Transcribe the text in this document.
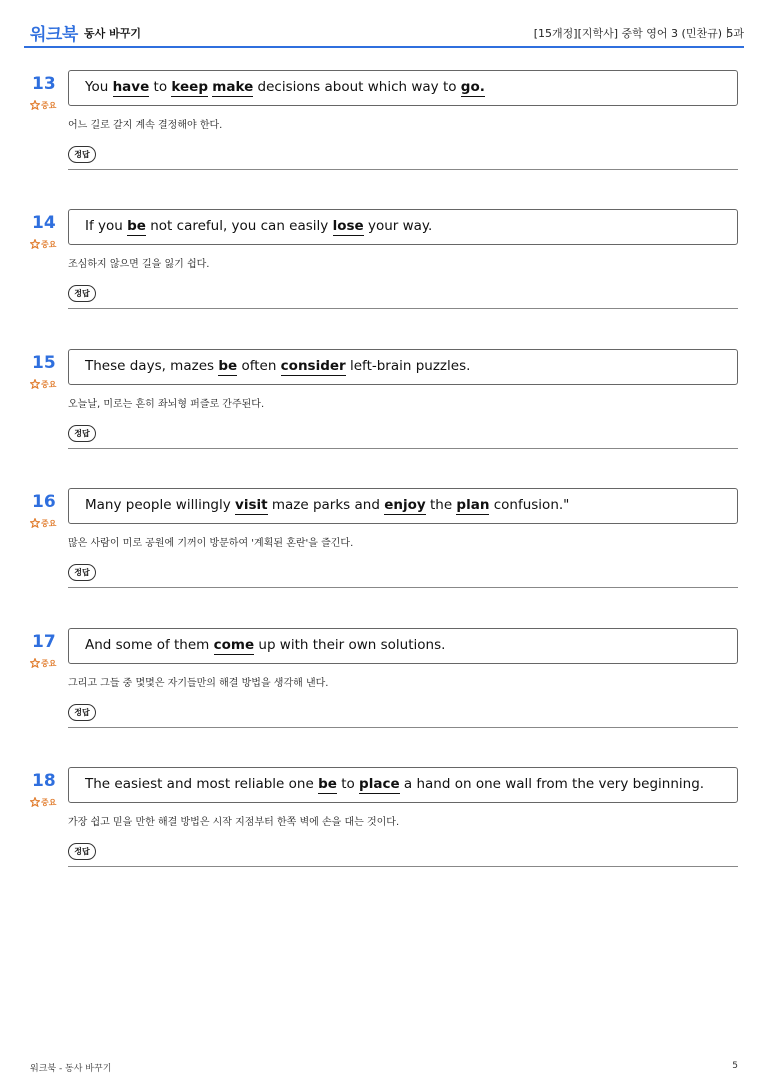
워크북 동사 바꾸기	[15개정][지학사] 중학 영어 3 (민찬규) 5과
13
중요
You have to keep make decisions about which way to go.
어느 길로 갈지 계속 결정해야 한다.
정답
14
중요
If you be not careful, you can easily lose your way.
조심하지 않으면 길을 잃기 쉽다.
정답
15
중요
These days, mazes be often consider left-brain puzzles.
오늘날, 미로는 흔히 좌뇌형 퍼즐로 간주된다.
정답
16
중요
Many people willingly visit maze parks and enjoy the plan confusion."
많은 사람이 미로 공원에 기꺼이 방문하여 '계획된 혼란'을 즐긴다.
정답
17
중요
And some of them come up with their own solutions.
그리고 그들 중 몇몇은 자기들만의 해결 방법을 생각해 낸다.
정답
18
중요
The easiest and most reliable one be to place a hand on one wall from the very beginning.
가장 쉽고 믿을 만한 해결 방법은 시작 지점부터 한쪽 벽에 손을 대는 것이다.
정답
워크북 - 동사 바꾸기	5
